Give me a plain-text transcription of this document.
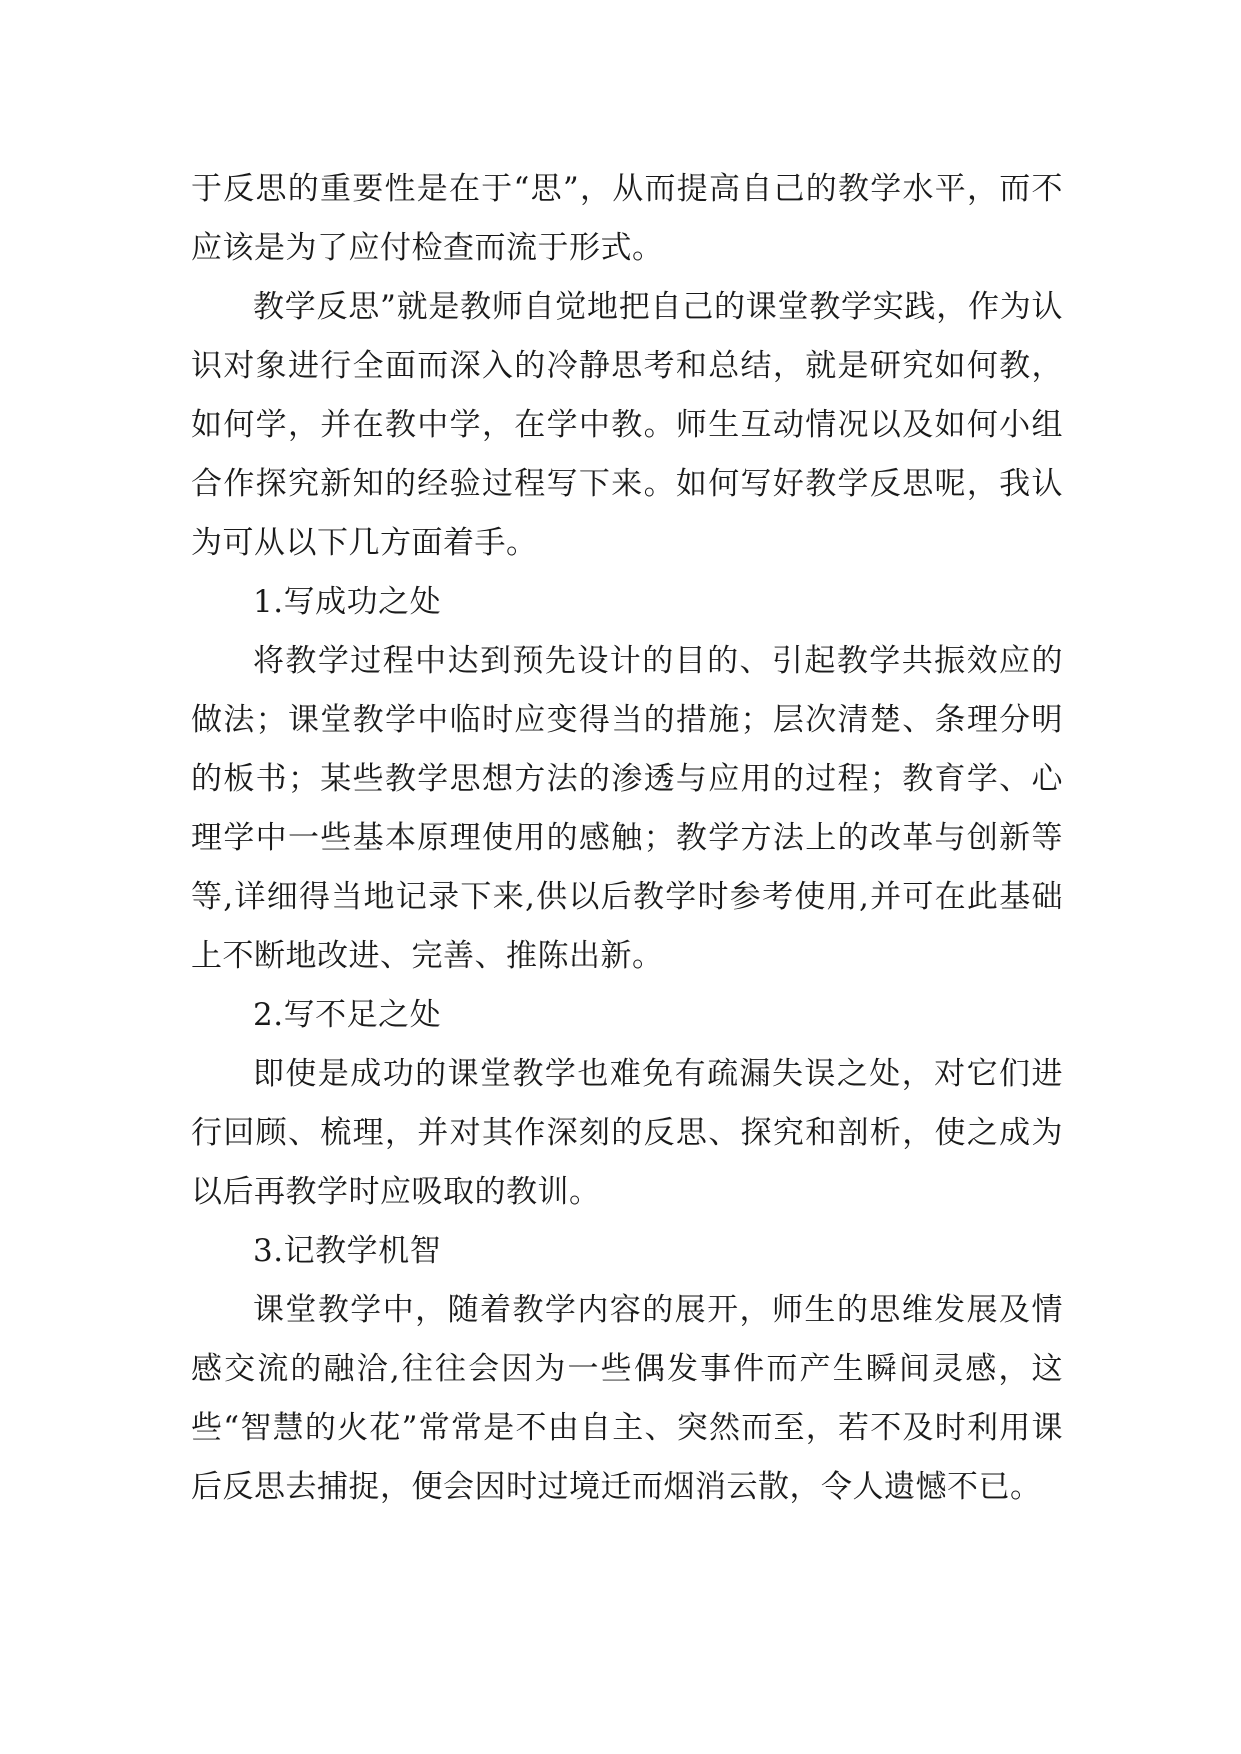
于反思的重要性是在于“思”，从而提高自己的教学水平，而不应该是为了应付检查而流于形式。

教学反思”就是教师自觉地把自己的课堂教学实践，作为认识对象进行全面而深入的冷静思考和总结，就是研究如何教，如何学，并在教中学，在学中教。师生互动情况以及如何小组合作探究新知的经验过程写下来。如何写好教学反思呢，我认为可从以下几方面着手。

1.写成功之处

将教学过程中达到预先设计的目的、引起教学共振效应的做法；课堂教学中临时应变得当的措施；层次清楚、条理分明的板书；某些教学思想方法的渗透与应用的过程；教育学、心理学中一些基本原理使用的感触；教学方法上的改革与创新等等,详细得当地记录下来,供以后教学时参考使用,并可在此基础上不断地改进、完善、推陈出新。

2.写不足之处

即使是成功的课堂教学也难免有疏漏失误之处，对它们进行回顾、梳理，并对其作深刻的反思、探究和剖析，使之成为以后再教学时应吸取的教训。

3.记教学机智

课堂教学中，随着教学内容的展开，师生的思维发展及情感交流的融洽,往往会因为一些偶发事件而产生瞬间灵感，这些“智慧的火花”常常是不由自主、突然而至，若不及时利用课后反思去捕捉，便会因时过境迁而烟消云散，令人遗憾不已。
